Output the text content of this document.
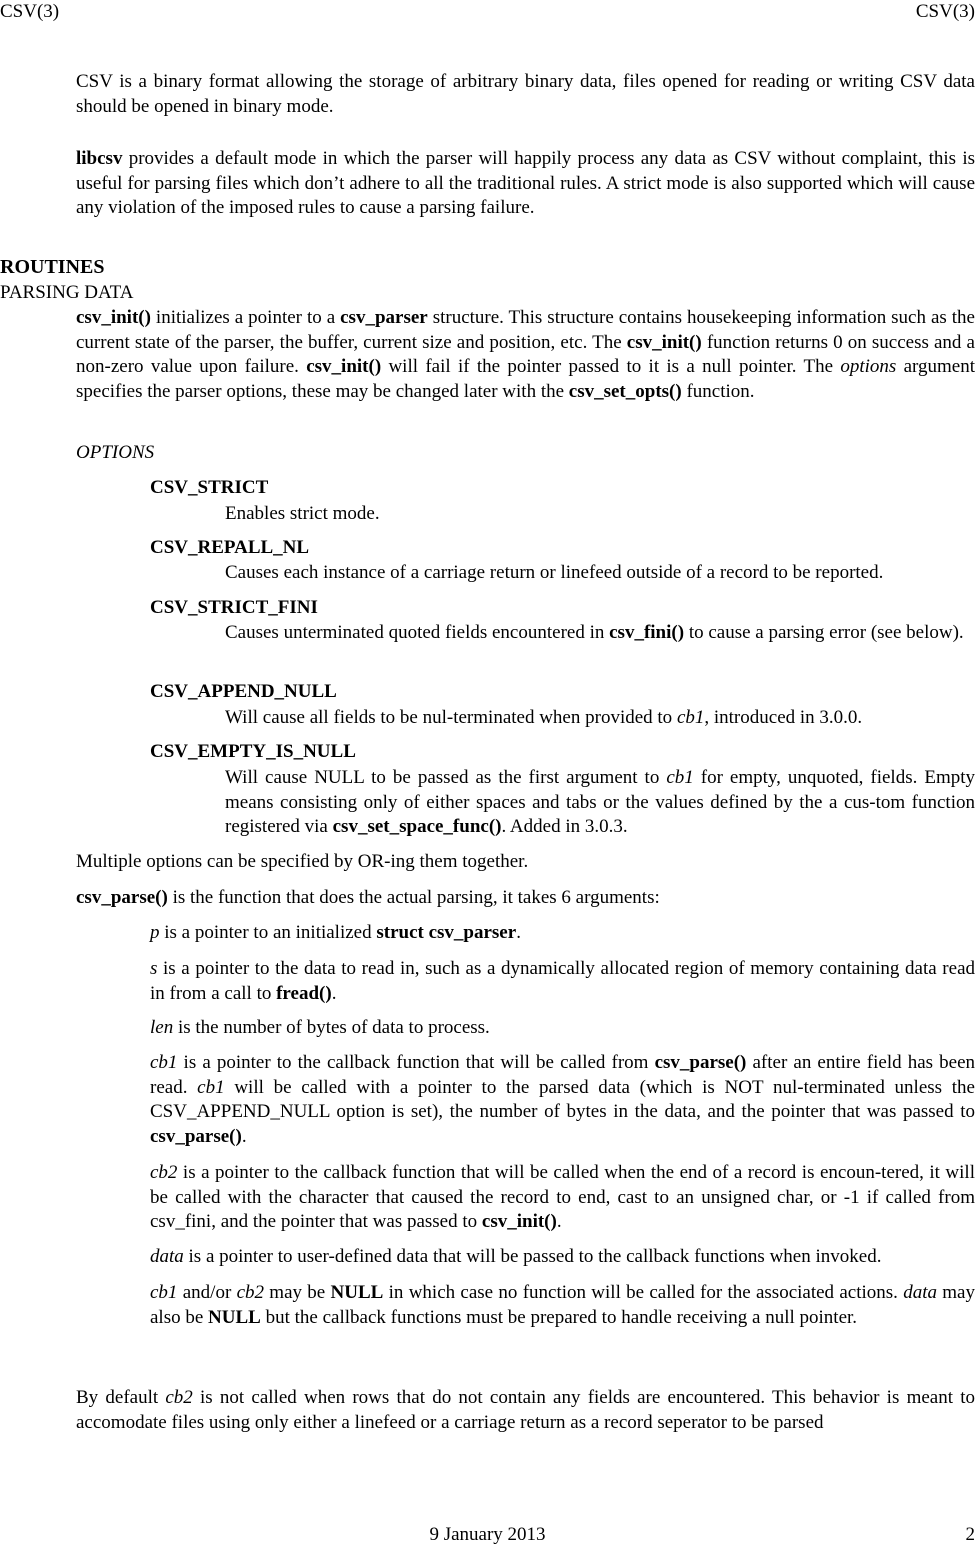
CSV(3)	CSV(3)
CSV is a binary format allowing the storage of arbitrary binary data, files opened for reading or writing CSV data should be opened in binary mode.
libcsv provides a default mode in which the parser will happily process any data as CSV without complaint, this is useful for parsing files which don’t adhere to all the traditional rules. A strict mode is also supported which will cause any violation of the imposed rules to cause a parsing failure.
ROUTINES
PARSING DATA
csv_init() initializes a pointer to a csv_parser structure. This structure contains housekeeping information such as the current state of the parser, the buffer, current size and position, etc. The csv_init() function returns 0 on success and a non-zero value upon failure. csv_init() will fail if the pointer passed to it is a null pointer. The options argument specifies the parser options, these may be changed later with the csv_set_opts() function.
OPTIONS
CSV_STRICT
Enables strict mode.
CSV_REPALL_NL
Causes each instance of a carriage return or linefeed outside of a record to be reported.
CSV_STRICT_FINI
Causes unterminated quoted fields encountered in csv_fini() to cause a parsing error (see below).
CSV_APPEND_NULL
Will cause all fields to be nul-terminated when provided to cb1, introduced in 3.0.0.
CSV_EMPTY_IS_NULL
Will cause NULL to be passed as the first argument to cb1 for empty, unquoted, fields. Empty means consisting only of either spaces and tabs or the values defined by the a cus-tom function registered via csv_set_space_func(). Added in 3.0.3.
Multiple options can be specified by OR-ing them together.
csv_parse() is the function that does the actual parsing, it takes 6 arguments:
p is a pointer to an initialized struct csv_parser.
s is a pointer to the data to read in, such as a dynamically allocated region of memory containing data read in from a call to fread().
len is the number of bytes of data to process.
cb1 is a pointer to the callback function that will be called from csv_parse() after an entire field has been read. cb1 will be called with a pointer to the parsed data (which is NOT nul-terminated unless the CSV_APPEND_NULL option is set), the number of bytes in the data, and the pointer that was passed to csv_parse().
cb2 is a pointer to the callback function that will be called when the end of a record is encoun-tered, it will be called with the character that caused the record to end, cast to an unsigned char, or -1 if called from csv_fini, and the pointer that was passed to csv_init().
data is a pointer to user-defined data that will be passed to the callback functions when invoked.
cb1 and/or cb2 may be NULL in which case no function will be called for the associated actions. data may also be NULL but the callback functions must be prepared to handle receiving a null pointer.
By default cb2 is not called when rows that do not contain any fields are encountered. This behavior is meant to accomodate files using only either a linefeed or a carriage return as a record seperator to be parsed
9 January 2013	2
